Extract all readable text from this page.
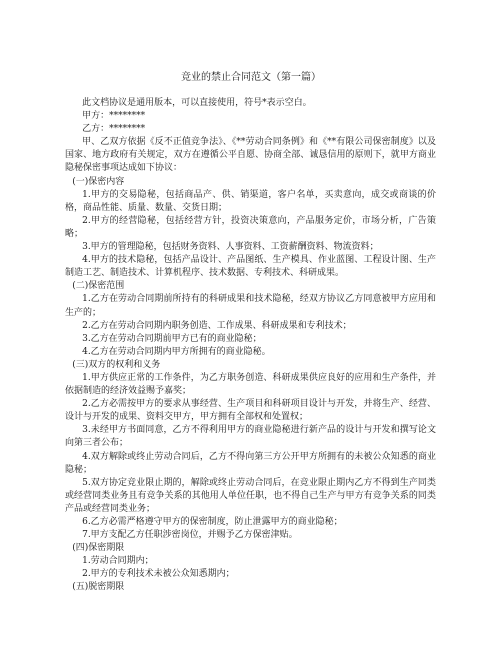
竞业的禁止合同范文（第一篇）

此文档协议是通用版本，可以直接使用，符号*表示空白。

甲方：********

乙方：********

甲、乙双方依据《反不正值竞争法》、《**劳动合同条例》和《**有限公司保密制度》以及国家、地方政府有关规定，双方在遵循公平自愿、协商全部、诚恳信用的原则下，就甲方商业隐秘保密事项达成如下协议：

(一)保密内容

1.甲方的交易隐秘，包括商品产、供、销渠道，客户名单，买卖意向，成交或商谈的价格，商品性能、质量、数量、交货日期；

2.甲方的经营隐秘，包括经营方针，投资决策意向，产品服务定价，市场分析，广告策略；

3.甲方的管理隐秘，包括财务资料、人事资料、工资薪酬资料、物流资料；

4.甲方的技术隐秘，包括产品设计、产品图纸、生产模具、作业蓝图、工程设计图、生产制造工艺、制造技术、计算机程序、技术数据、专利技术、科研成果。

(二)保密范围

1.乙方在劳动合同期前所持有的科研成果和技术隐秘，经双方协议乙方同意被甲方应用和生产的；

2.乙方在劳动合同期内职务创造、工作成果、科研成果和专利技术；

3.乙方在劳动合同期前甲方已有的商业隐秘；

4.乙方在劳动合同期内甲方所拥有的商业隐秘。

(三)双方的权利和义务

1.甲方供应正常的工作条件，为乙方职务创造、科研成果供应良好的应用和生产条件，并依据制造的经济效益赐予嘉奖；

2.乙方必需按甲方的要求从事经营、生产项目和科研项目设计与开发，并将生产、经营、设计与开发的成果、资料交甲方，甲方拥有全部权和处置权；

3.未经甲方书面同意，乙方不得利用甲方的商业隐秘进行新产品的设计与开发和撰写论文向第三者公布；

4.双方解除或终止劳动合同后，乙方不得向第三方公开甲方所拥有的未被公众知悉的商业隐秘；

5.双方协定竞业限止期的，解除或终止劳动合同后，在竞业限止期内乙方不得到生产同类或经营同类业务且有竞争关系的其他用人单位任职，也不得自己生产与甲方有竞争关系的同类产品或经营同类业务；

6.乙方必需严格遵守甲方的保密制度，防止泄露甲方的商业隐秘；

7.甲方支配乙方任职涉密岗位，并赐予乙方保密津贴。

(四)保密期限

1.劳动合同期内；

2.甲方的专利技术未被公众知悉期内；

(五)脱密期限
